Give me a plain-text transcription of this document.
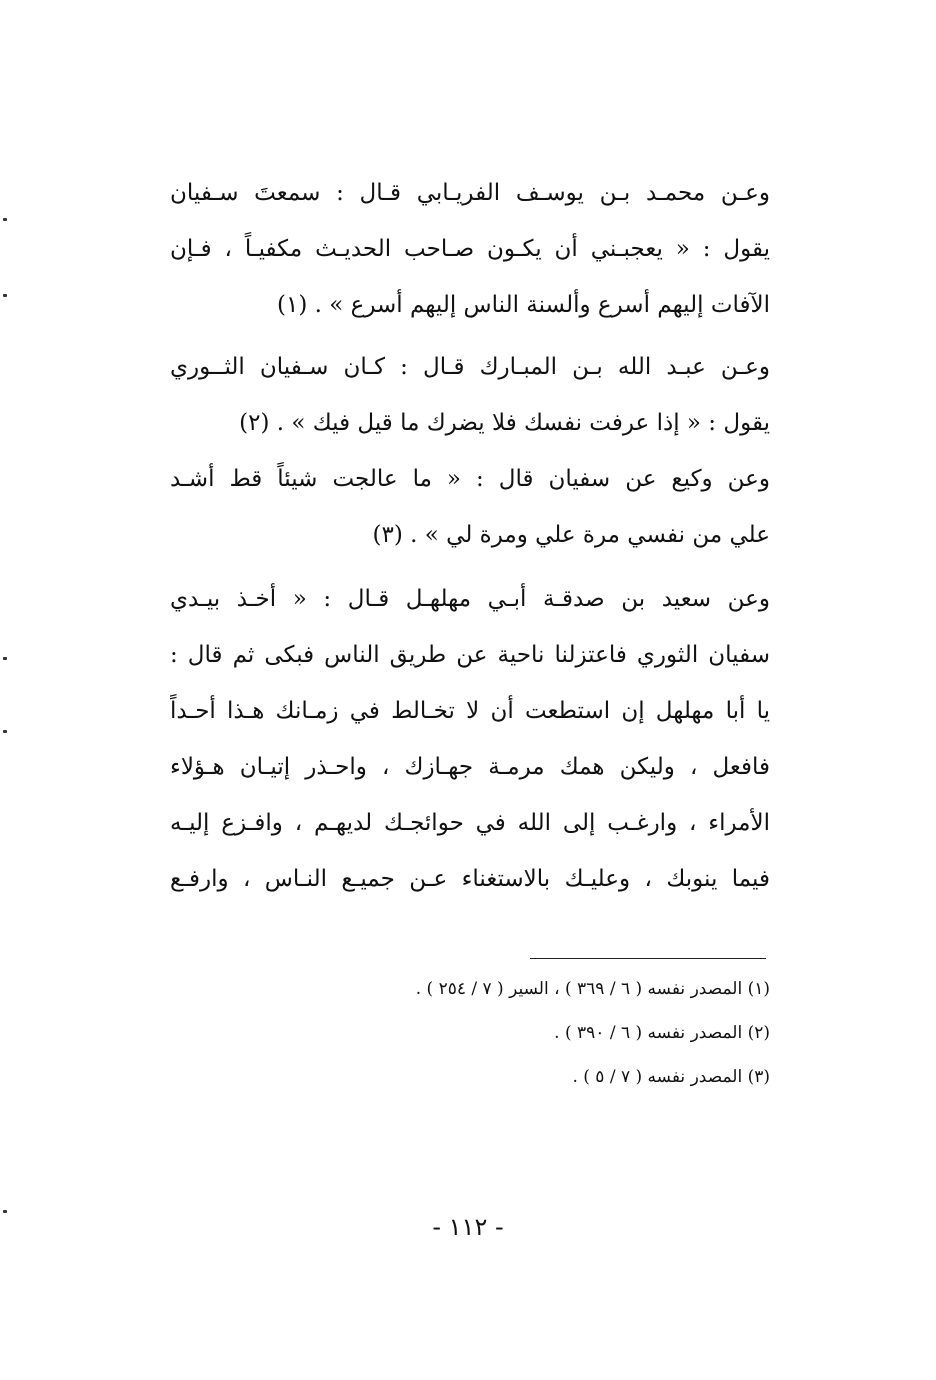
وعـن محمـد بـن يوسـف الفريـابي قـال : سمعتَ سـفيان
يقول : « يعجبـني أن يكـون صـاحب الحديـث مكفيـاً ، فـإن
الآفات إليهم أسرع وألسنة الناس إليهم أسرع » . (١)
وعـن عبـد الله بـن المبـارك قـال : كـان سـفيان الثــوري
يقول : « إذا عرفت نفسك فلا يضرك ما قيل فيك » . (٢)
وعن وكيع عن سفيان قال : « ما عالجت شيئاً قط أشـد
علي من نفسي مرة علي ومرة لي » . (٣)
وعن سعيد بن صدقـة أبـي مهلهـل قـال : « أخـذ بيـدي
سفيان الثوري فاعتزلنا ناحية عن طريق الناس فبكى ثم قال :
يا أبا مهلهل إن استطعت أن لا تخـالط في زمـانك هـذا أحـداً
فافعل ، وليكن همك مرمـة جهـازك ، واحـذر إتيـان هـؤلاء
الأمراء ، وارغـب إلى الله في حوائجـك لديهـم ، وافـزع إليـه
فيما ينوبك ، وعليـك بالاستغناء عـن جميـع النـاس ، وارفـع
(١) المصدر نفسه ( ٦ / ٣٦٩ ) ، السير ( ٧ / ٢٥٤ ) .
(٢) المصدر نفسه ( ٦ / ٣٩٠ ) .
(٣) المصدر نفسه ( ٧ / ٥ ) .
- ١١٢ -
